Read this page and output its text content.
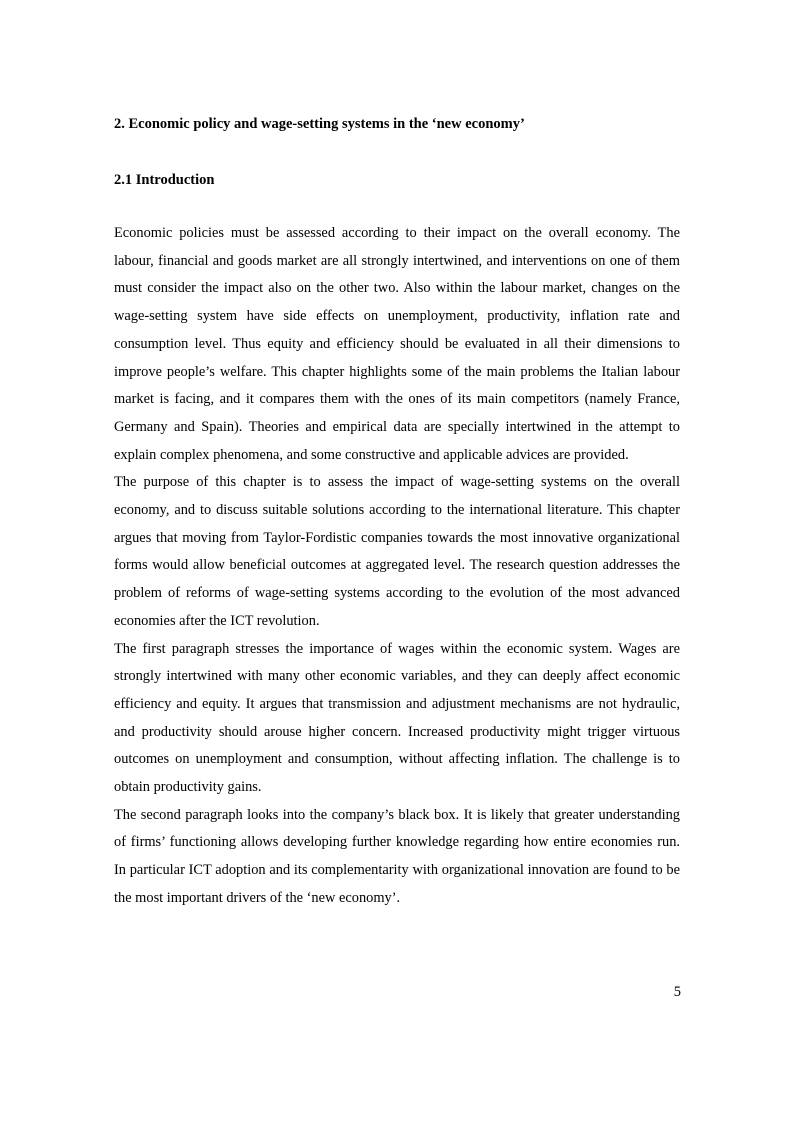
2. Economic policy and wage-setting systems in the ‘new economy’
2.1 Introduction

Economic policies must be assessed according to their impact on the overall economy. The labour, financial and goods market are all strongly intertwined, and interventions on one of them must consider the impact also on the other two. Also within the labour market, changes on the wage-setting system have side effects on unemployment, productivity, inflation rate and consumption level. Thus equity and efficiency should be evaluated in all their dimensions to improve people’s welfare. This chapter highlights some of the main problems the Italian labour market is facing, and it compares them with the ones of its main competitors (namely France, Germany and Spain). Theories and empirical data are specially intertwined in the attempt to explain complex phenomena, and some constructive and applicable advices are provided.

The purpose of this chapter is to assess the impact of wage-setting systems on the overall economy, and to discuss suitable solutions according to the international literature. This chapter argues that moving from Taylor-Fordistic companies towards the most innovative organizational forms would allow beneficial outcomes at aggregated level. The research question addresses the problem of reforms of wage-setting systems according to the evolution of the most advanced economies after the ICT revolution.

The first paragraph stresses the importance of wages within the economic system. Wages are strongly intertwined with many other economic variables, and they can deeply affect economic efficiency and equity. It argues that transmission and adjustment mechanisms are not hydraulic, and productivity should arouse higher concern. Increased productivity might trigger virtuous outcomes on unemployment and consumption, without affecting inflation. The challenge is to obtain productivity gains.

The second paragraph looks into the company’s black box. It is likely that greater understanding of firms’ functioning allows developing further knowledge regarding how entire economies run. In particular ICT adoption and its complementarity with organizational innovation are found to be the most important drivers of the ‘new economy’.

5
